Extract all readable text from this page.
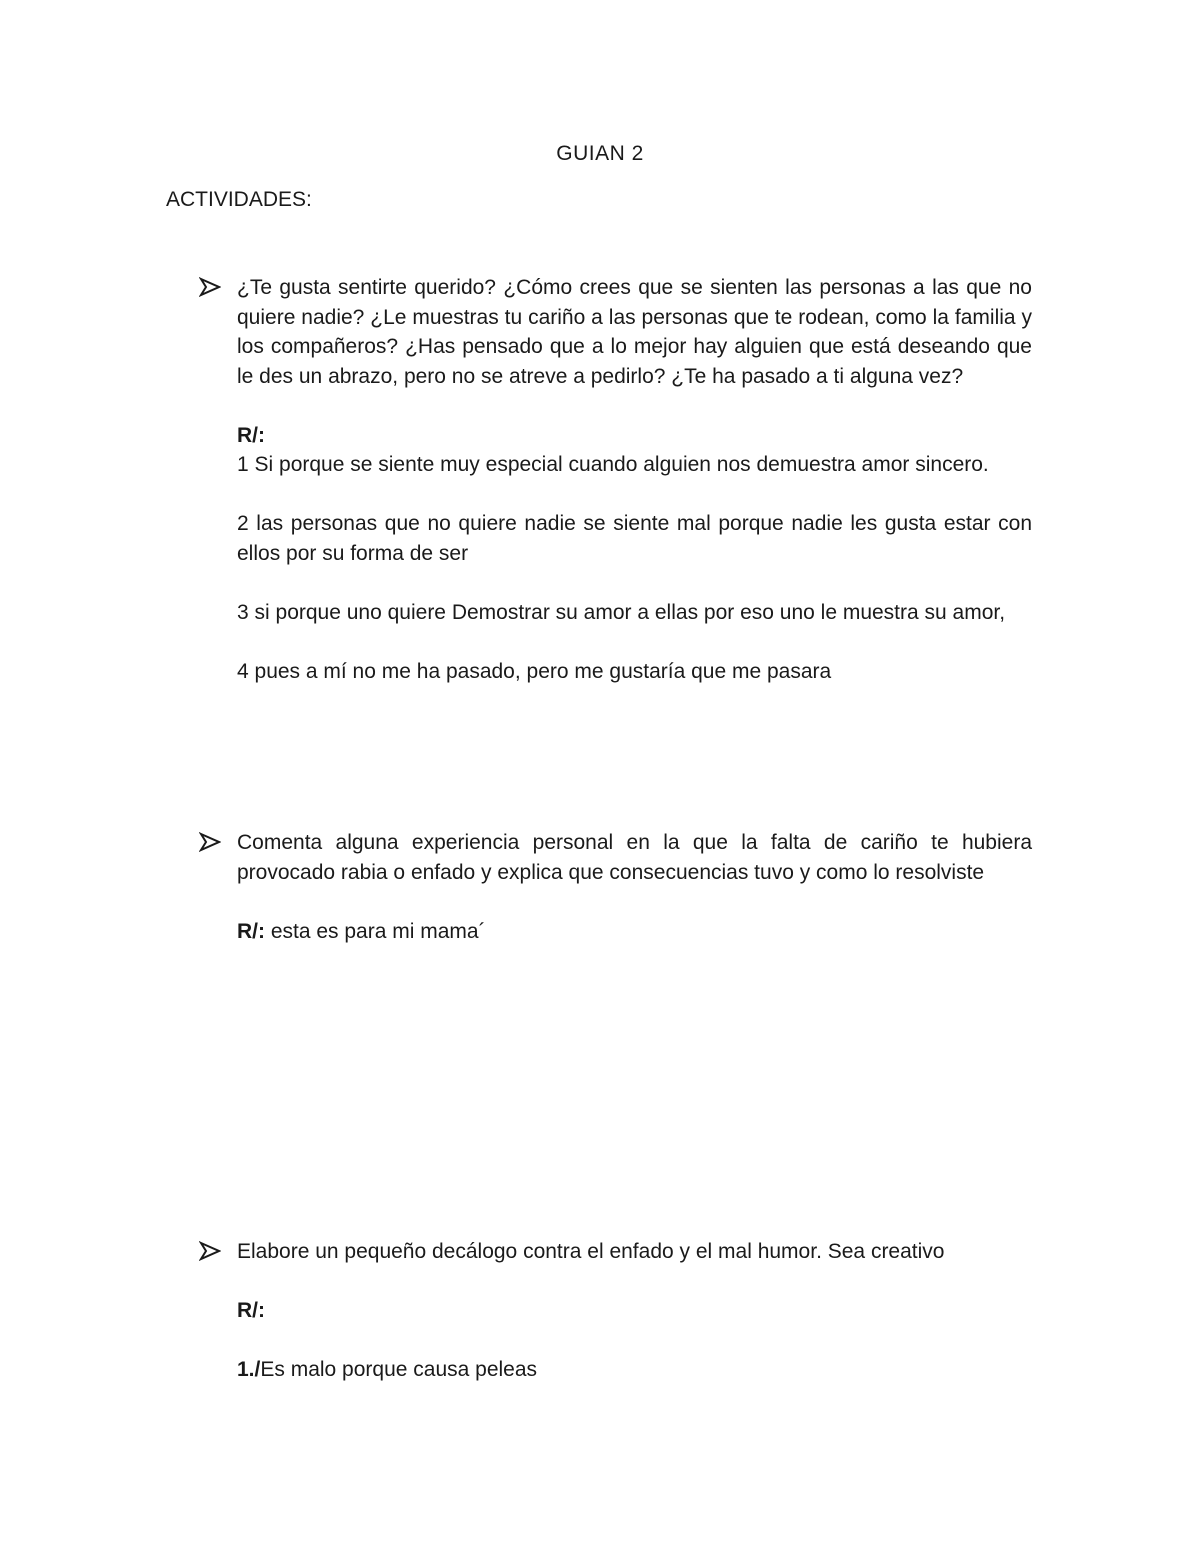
GUIAN 2
ACTIVIDADES:
¿Te gusta sentirte querido? ¿Cómo crees que se sienten las personas a las que no quiere nadie? ¿Le muestras tu cariño a las personas que te rodean, como la familia y los compañeros? ¿Has pensado que a lo mejor hay alguien que está deseando que le des un abrazo, pero no se atreve a pedirlo? ¿Te ha pasado a ti alguna vez?
R/:

1 Si porque se siente muy especial cuando alguien nos demuestra amor sincero.

2 las personas que no quiere nadie se siente mal porque nadie les gusta estar con ellos por su forma de ser

3 si porque uno quiere Demostrar su amor a ellas por eso uno le muestra su amor,

4 pues a mí no me ha pasado, pero me gustaría que me pasara

Comenta alguna experiencia personal en la que la falta de cariño te hubiera provocado rabia o enfado y explica que consecuencias tuvo y como lo resolviste
R/: esta es para mi mama´
Elabore un pequeño decálogo contra el enfado y el mal humor. Sea creativo
R/:
1./Es malo porque causa peleas
